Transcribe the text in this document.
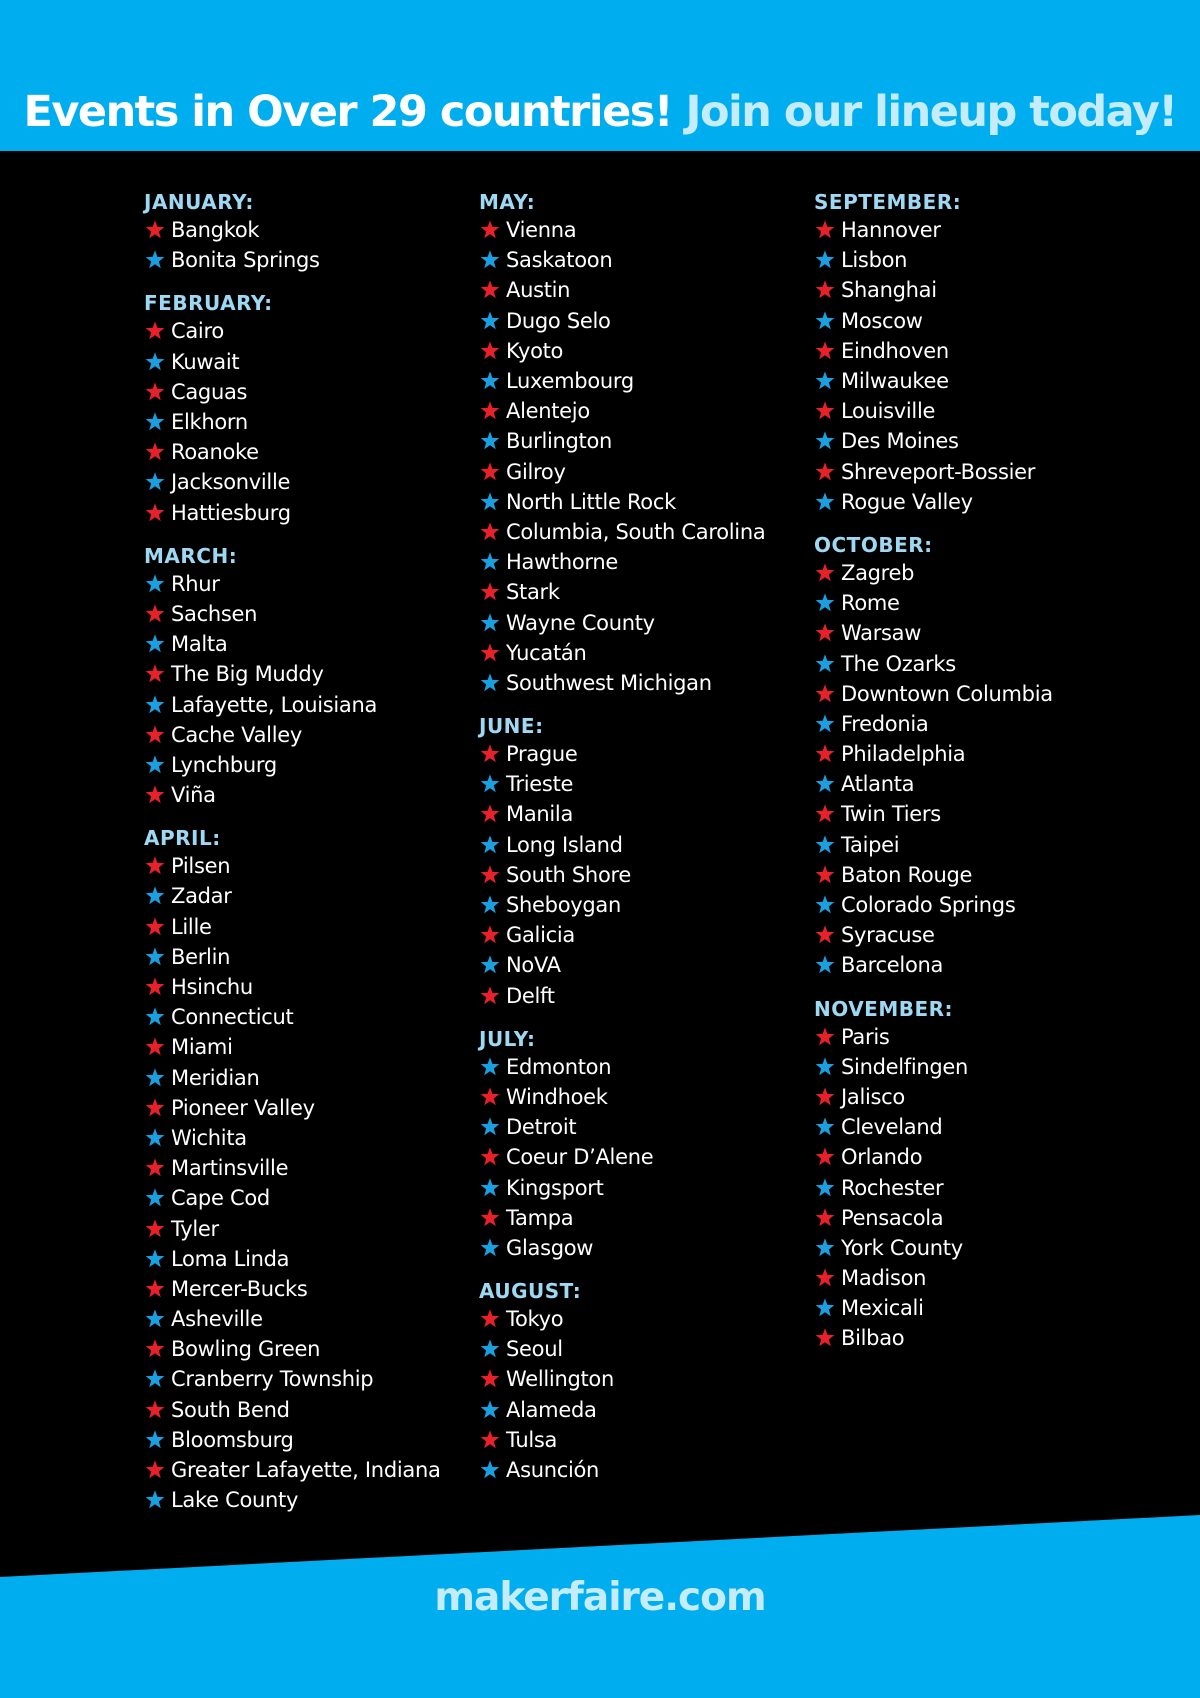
Events in Over 29 countries! Join our lineup today!
JANUARY:
Bangkok
Bonita Springs
FEBRUARY:
Cairo
Kuwait
Caguas
Elkhorn
Roanoke
Jacksonville
Hattiesburg
MARCH:
Rhur
Sachsen
Malta
The Big Muddy
Lafayette, Louisiana
Cache Valley
Lynchburg
Viña
APRIL:
Pilsen
Zadar
Lille
Berlin
Hsinchu
Connecticut
Miami
Meridian
Pioneer Valley
Wichita
Martinsville
Cape Cod
Tyler
Loma Linda
Mercer-Bucks
Asheville
Bowling Green
Cranberry Township
South Bend
Bloomsburg
Greater Lafayette, Indiana
Lake County
MAY:
Vienna
Saskatoon
Austin
Dugo Selo
Kyoto
Luxembourg
Alentejo
Burlington
Gilroy
North Little Rock
Columbia, South Carolina
Hawthorne
Stark
Wayne County
Yucatán
Southwest Michigan
JUNE:
Prague
Trieste
Manila
Long Island
South Shore
Sheboygan
Galicia
NoVA
Delft
JULY:
Edmonton
Windhoek
Detroit
Coeur D’Alene
Kingsport
Tampa
Glasgow
AUGUST:
Tokyo
Seoul
Wellington
Alameda
Tulsa
Asunción
SEPTEMBER:
Hannover
Lisbon
Shanghai
Moscow
Eindhoven
Milwaukee
Louisville
Des Moines
Shreveport-Bossier
Rogue Valley
OCTOBER:
Zagreb
Rome
Warsaw
The Ozarks
Downtown Columbia
Fredonia
Philadelphia
Atlanta
Twin Tiers
Taipei
Baton Rouge
Colorado Springs
Syracuse
Barcelona
NOVEMBER:
Paris
Sindelfingen
Jalisco
Cleveland
Orlando
Rochester
Pensacola
York County
Madison
Mexicali
Bilbao
makerfaire.com
